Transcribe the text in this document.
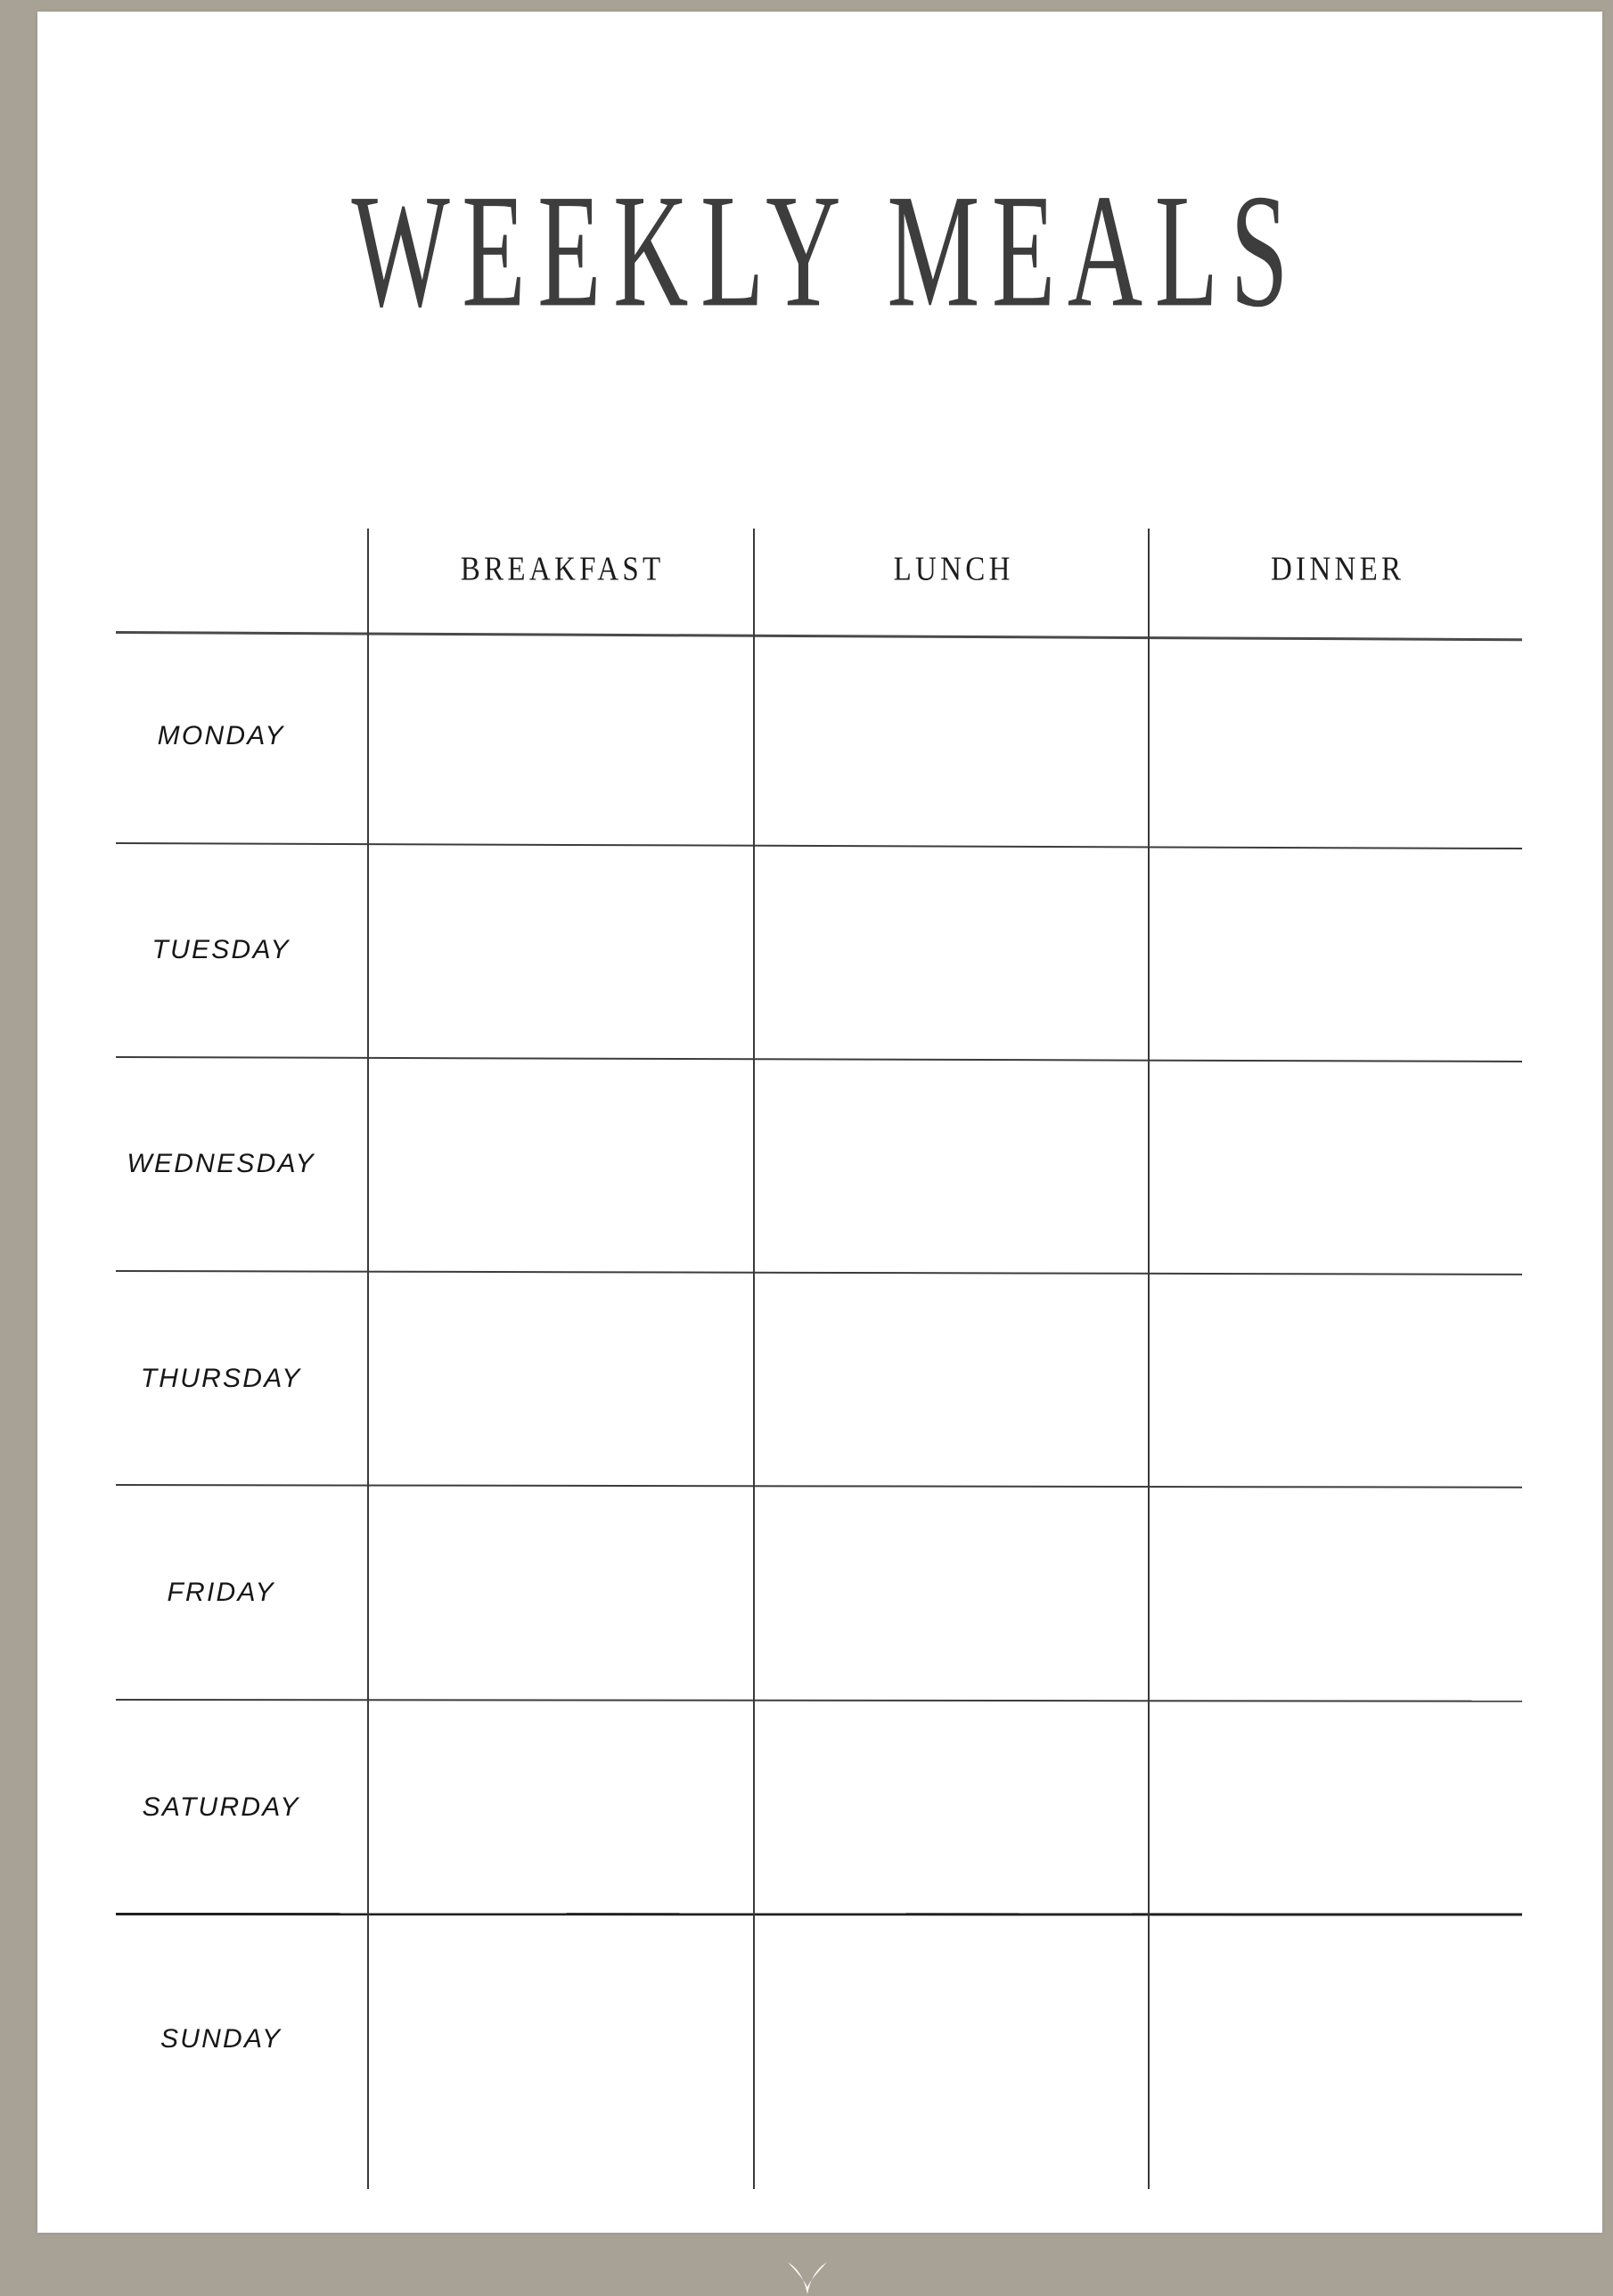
WEEKLY MEALS
BREAKFAST	LUNCH	DINNER
MONDAY
TUESDAY
WEDNESDAY
THURSDAY
FRIDAY
SATURDAY
SUNDAY
